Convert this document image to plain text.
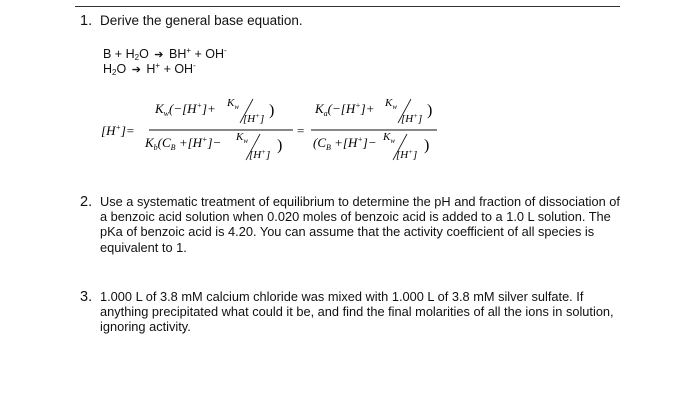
1. Derive the general base equation.
$B + H_2O$ ➔ BH+ + OH-
$H_2O$ ➔ H+ + OH-
[H+]=
$K_w(-[H^+]+ K_w$
[H+] )
$K_b(C_B +[H^+]- K_w$
[H+]
)
=
$K_a(-[H^+]+ K_w$
[H+] )
($C_B +[H^+]- K_w$
[H+]
)
2. Use a systematic treatment of equilibrium to determine the pH and fraction of dissociation of a benzoic acid solution when 0.020 moles of benzoic acid is added to a 1.0 L solution. The pKa of benzoic acid is 4.20. You can assume that the activity coefficient of all species is equivalent to 1.
3. 1.000 L of 3.8 mM calcium chloride was mixed with 1.000 L of 3.8 mM silver sulfate. If anything precipitated what could it be, and find the final molarities of all the ions in solution, ignoring activity.
